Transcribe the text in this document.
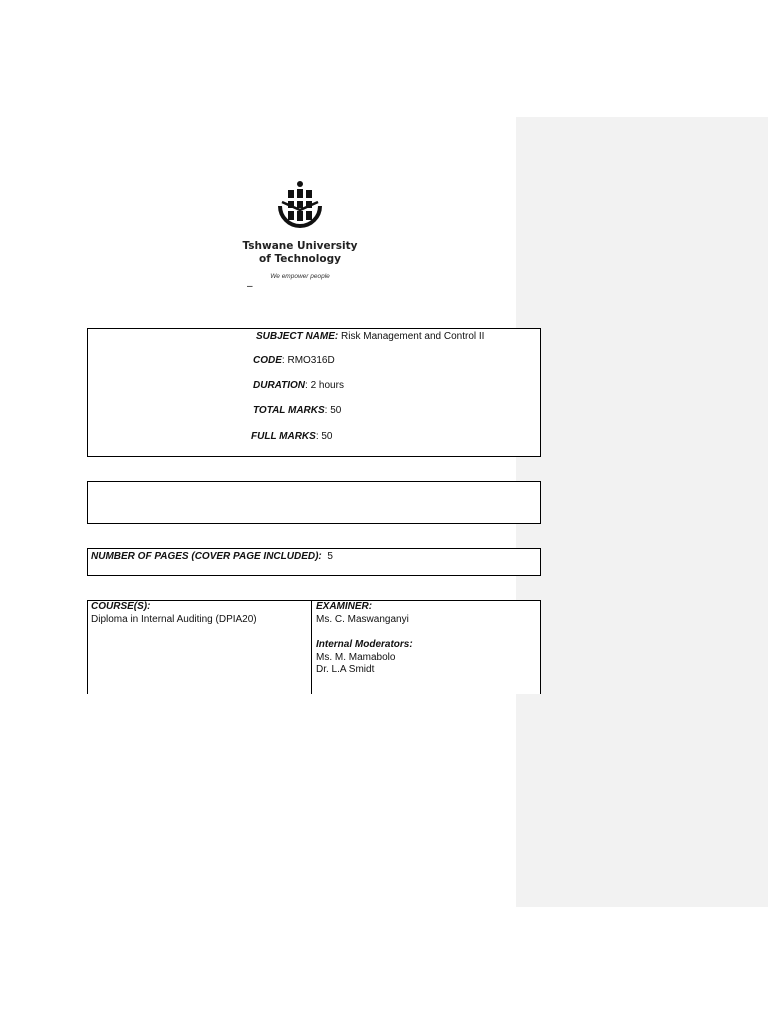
Tshwane University
of Technology
We empower people
–
SUBJECT NAME: Risk Management and Control II
CODE: RMO316D
DURATION: 2 hours
TOTAL MARKS: 50
FULL MARKS: 50
NUMBER OF PAGES (COVER PAGE INCLUDED): 5
COURSE(S):
Diploma in Internal Auditing (DPIA20)
EXAMINER:
Ms. C. Maswanganyi
Internal Moderators:
Ms. M. Mamabolo
Dr. L.A Smidt
